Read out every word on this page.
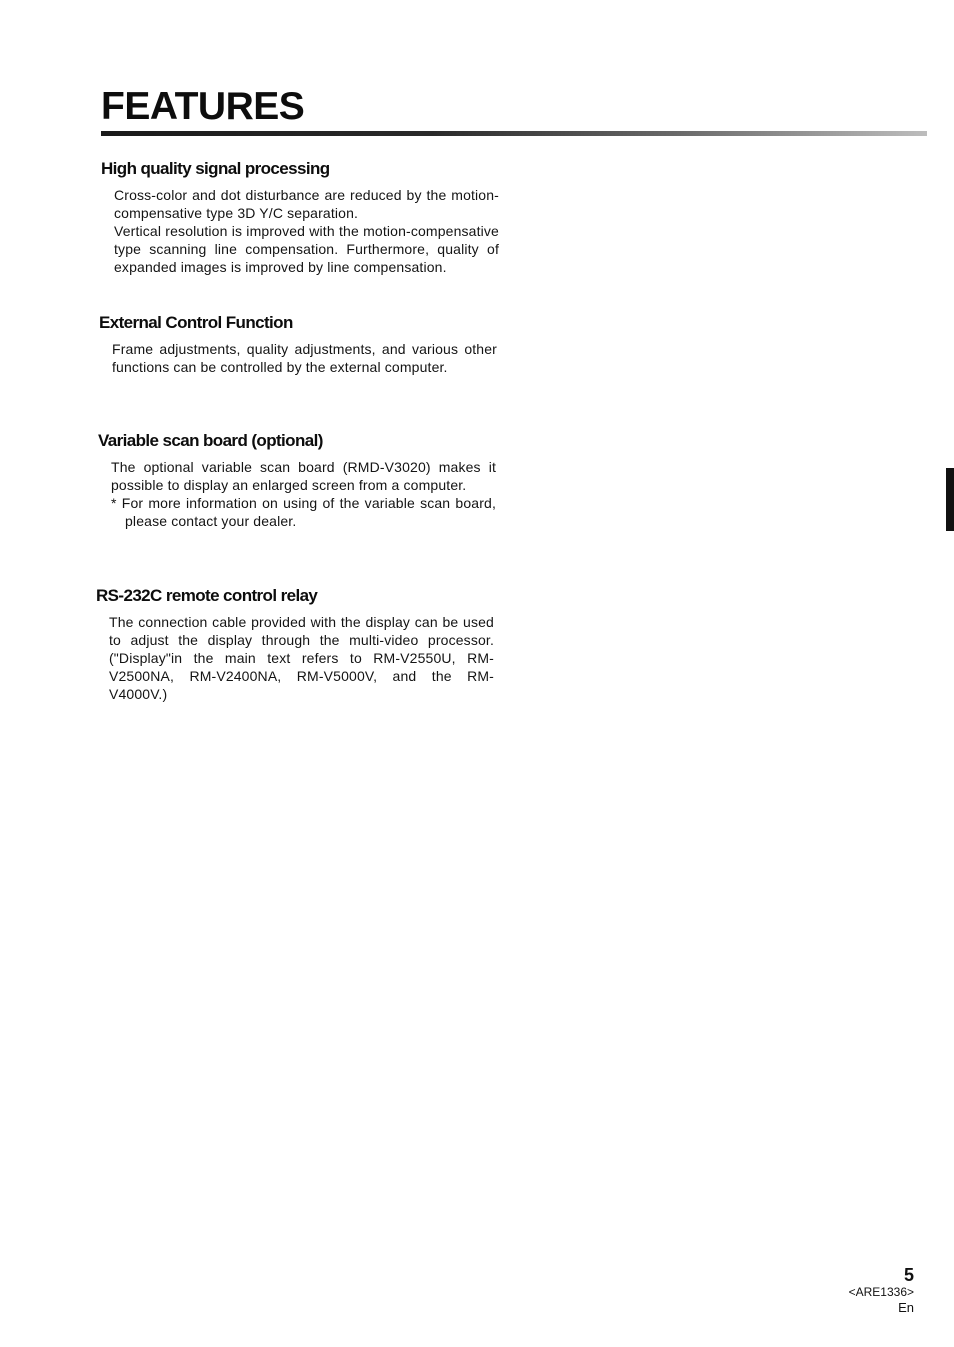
FEATURES
High quality signal processing

Cross-color and dot disturbance are reduced by the motion-compensative type 3D Y/C separation.

Vertical resolution is improved with the motion-compensative type scanning line compensation. Furthermore, quality of expanded images is improved by line compensation.

External Control Function

Frame adjustments, quality adjustments, and various other functions can be controlled by the external computer.

Variable scan board (optional)

The optional variable scan board (RMD-V3020) makes it possible to display an enlarged screen from a computer.

* For more information on using of the variable scan board, please contact your dealer.

RS-232C remote control relay

The connection cable provided with the display can be used to adjust the display through the multi-video processor. ("Display"in the main text refers to RM-V2550U, RM-V2500NA, RM-V2400NA, RM-V5000V, and the RM-V4000V.)

5
<ARE1336>
En
